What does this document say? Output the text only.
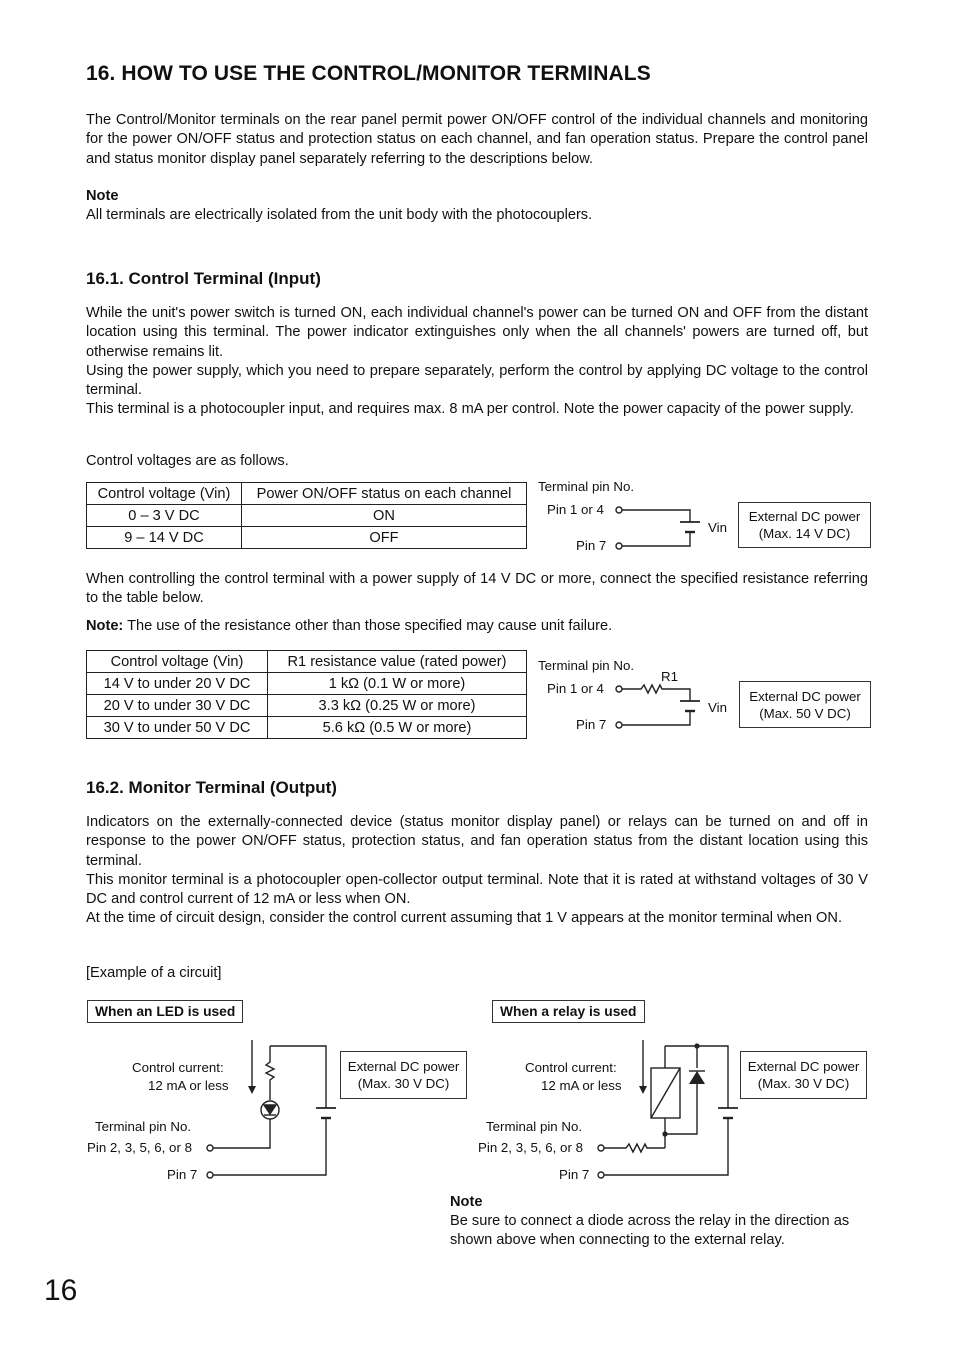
16. HOW TO USE THE CONTROL/MONITOR TERMINALS
The Control/Monitor terminals on the rear panel permit power ON/OFF control of the individual channels and monitoring for the power ON/OFF status and protection status on each channel, and fan operation status. Prepare the control panel and status monitor display panel separately referring to the descriptions below.
Note
All terminals are electrically isolated from the unit body with the photocouplers.
16.1. Control Terminal (Input)

While the unit's power switch is turned ON, each individual channel's power can be turned ON and OFF from the distant location using this terminal. The power indicator extinguishes only when the all channels' powers are turned off, but otherwise remains lit.

Using the power supply, which you need to prepare separately, perform the control by applying DC voltage to the control terminal.

This terminal is a photocoupler input, and requires max. 8 mA per control. Note the power capacity of the power supply.

Control voltages are as follows.
Control voltage (Vin)	Power ON/OFF status on each channel
0 – 3 V DC	ON
9 – 14 V DC	OFF
Terminal pin No.
Pin 1 or 4
Pin 7
Vin
External DC power
(Max. 14 V DC)
When controlling the control terminal with a power supply of 14 V DC or more, connect the specified resistance referring to the table below.
Note: The use of the resistance other than those specified may cause unit failure.
Control voltage (Vin)	R1 resistance value (rated power)
14 V to under 20 V DC	1 kΩ (0.1 W or more)
20 V to under 30 V DC	3.3 kΩ (0.25 W or more)
30 V to under 50 V DC	5.6 kΩ (0.5 W or more)
Terminal pin No.
R1
Pin 1 or 4
Pin 7
Vin
External DC power
(Max. 50 V DC)
16.2. Monitor Terminal (Output)

Indicators on the externally-connected device (status monitor display panel) or relays can be turned on and off in response to the power ON/OFF status, protection status, and fan operation status from the distant location using this terminal.

This monitor terminal is a photocoupler open-collector output terminal. Note that it is rated at withstand voltages of 30 V DC and control current of 12 mA or less when ON.

At the time of circuit design, consider the control current assuming that 1 V appears at the monitor terminal when ON.

[Example of a circuit]
When an LED is used
Control current:
12 mA or less
Terminal pin No.
Pin 2, 3, 5, 6, or 8
Pin 7
External DC power
(Max. 30 V DC)
When a relay is used
Control current:
12 mA or less
Terminal pin No.
Pin 2, 3, 5, 6, or 8
Pin 7
External DC power
(Max. 30 V DC)
Note
Be sure to connect a diode across the relay in the direction as shown above when connecting to the external relay.
16
